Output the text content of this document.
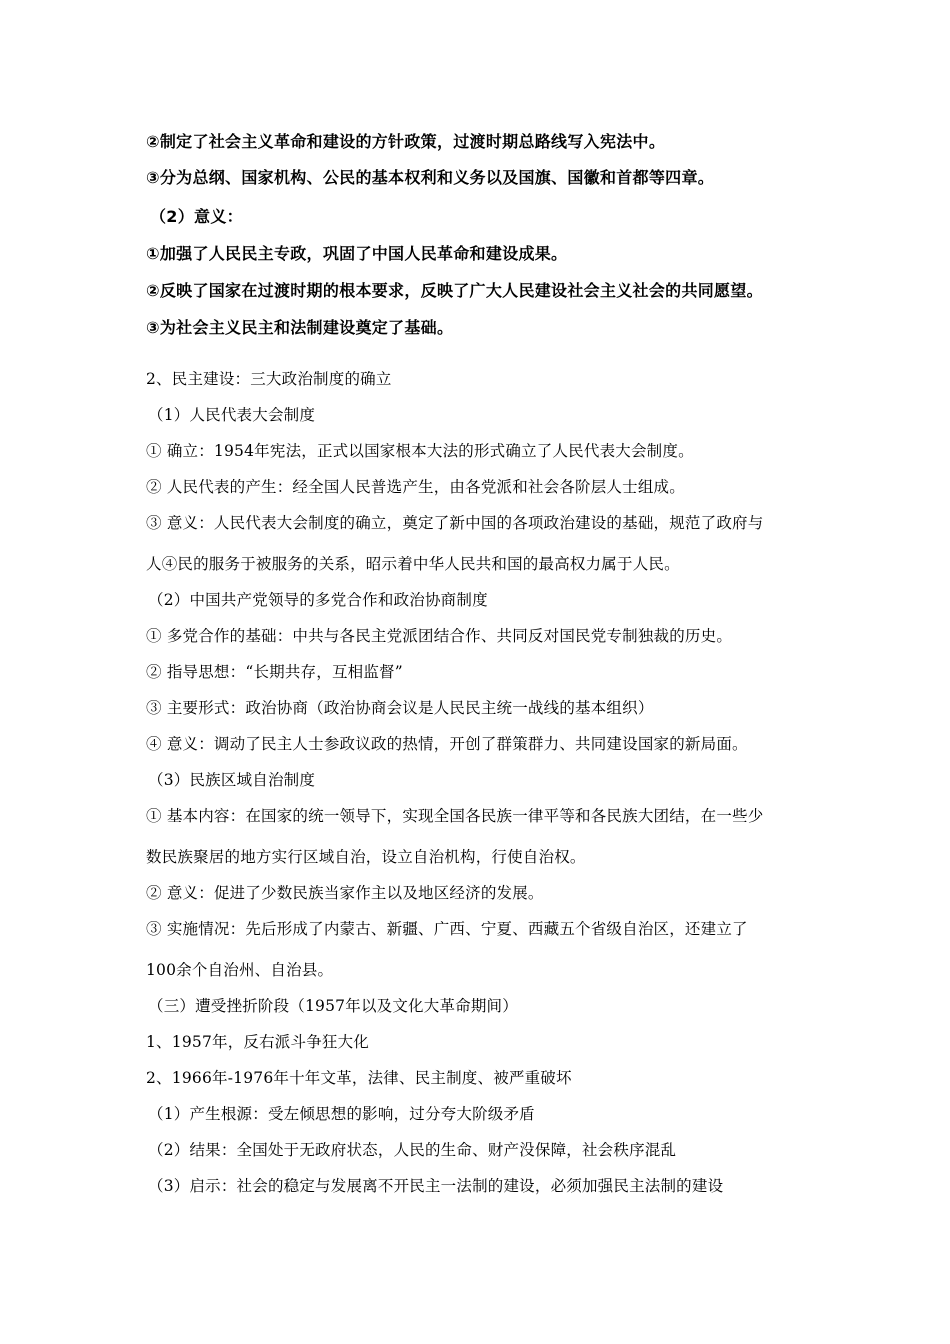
②制定了社会主义革命和建设的方针政策，过渡时期总路线写入宪法中。
③分为总纲、国家机构、公民的基本权利和义务以及国旗、国徽和首都等四章。
（2）意义：
①加强了人民民主专政，巩固了中国人民革命和建设成果。
②反映了国家在过渡时期的根本要求，反映了广大人民建设社会主义社会的共同愿望。
③为社会主义民主和法制建设奠定了基础。
2、民主建设：三大政治制度的确立
（1）人民代表大会制度
① 确立：1954年宪法，正式以国家根本大法的形式确立了人民代表大会制度。
② 人民代表的产生：经全国人民普选产生，由各党派和社会各阶层人士组成。
③ 意义：人民代表大会制度的确立，奠定了新中国的各项政治建设的基础，规范了政府与
人④民的服务于被服务的关系，昭示着中华人民共和国的最高权力属于人民。
（2）中国共产党领导的多党合作和政治协商制度
① 多党合作的基础：中共与各民主党派团结合作、共同反对国民党专制独裁的历史。
② 指导思想：“长期共存，互相监督”
③ 主要形式：政治协商（政治协商会议是人民民主统一战线的基本组织）
④ 意义：调动了民主人士参政议政的热情，开创了群策群力、共同建设国家的新局面。
（3）民族区域自治制度
① 基本内容：在国家的统一领导下，实现全国各民族一律平等和各民族大团结，在一些少
数民族聚居的地方实行区域自治，设立自治机构，行使自治权。
② 意义：促进了少数民族当家作主以及地区经济的发展。
③ 实施情况：先后形成了内蒙古、新疆、广西、宁夏、西藏五个省级自治区，还建立了
100余个自治州、自治县。
（三）遭受挫折阶段（1957年以及文化大革命期间）
1、1957年，反右派斗争狂大化
2、1966年-1976年十年文革，法律、民主制度、被严重破坏
（1）产生根源：受左倾思想的影响，过分夸大阶级矛盾
（2）结果：全国处于无政府状态，人民的生命、财产没保障，社会秩序混乱
（3）启示：社会的稳定与发展离不开民主一法制的建设，必须加强民主法制的建设
